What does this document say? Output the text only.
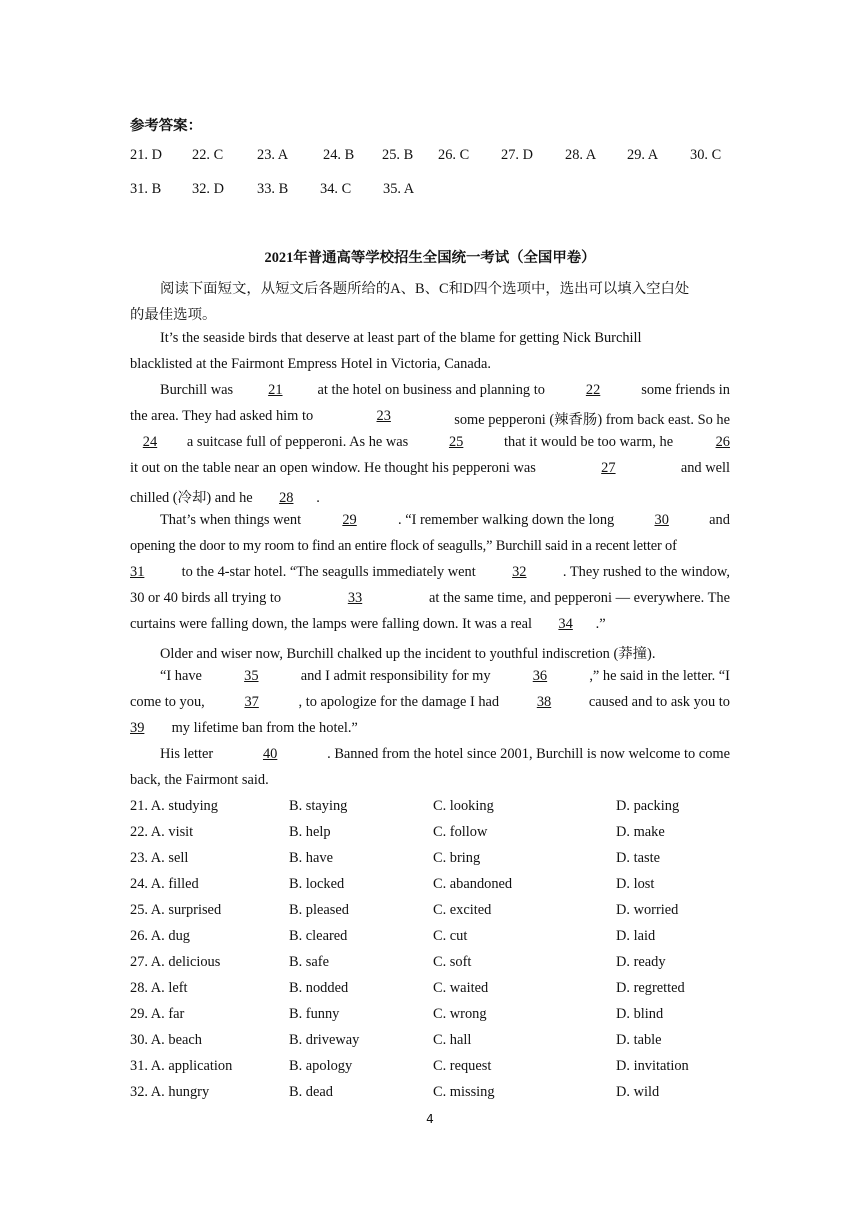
参考答案：
21. D 22. C 23. A 24. B 25. B 26. C 27. D 28. A 29. A 30. C
31. B 32. D 33. B 34. C 35. A
2021年普通高等学校招生全国统一考试（全国甲卷）
阅读下面短文，从短文后各题所给的A、B、C和D四个选项中，选出可以填入空白处
的最佳选项。
It’s the seaside birds that deserve at least part of the blame for getting Nick Burchill
blacklisted at the Fairmont Empress Hotel in Victoria, Canada.
Burchill was	21	at the hotel on business and planning to	22	some friends in
the area. They had asked him to	23	some pepperoni (辣香肠) from back east. So he
24	a suitcase full of pepperoni. As he was	25	that it would be too warm, he	26
it out on the table near an open window. He thought his pepperoni was	27	and well
chilled (冷却) and he 28 .
That’s when things went	29	. “I remember walking down the long	30	and
opening the door to my room to find an entire flock of seagulls,” Burchill said in a recent letter of
31	to the 4-star hotel. “The seagulls immediately went	32	. They rushed to the window,
30 or 40 birds all trying to	33	at the same time, and pepperoni — everywhere. The
curtains were falling down, the lamps were falling down. It was a real 34 .”
Older and wiser now, Burchill chalked up the incident to youthful indiscretion (莽撞).
“I have	35	and I admit responsibility for my	36	,” he said in the letter. “I
come to you,	37	, to apologize for the damage I had	38	caused and to ask you to
39 my lifetime ban from the hotel.”
His letter	40	. Banned from the hotel since 2001, Burchill is now welcome to come
back, the Fairmont said.
21. A. studying	B. staying	C. looking	D. packing
22. A. visit	B. help	C. follow	D. make
23. A. sell	B. have	C. bring	D. taste
24. A. filled	B. locked	C. abandoned	D. lost
25. A. surprised	B. pleased	C. excited	D. worried
26. A. dug	B. cleared	C. cut	D. laid
27. A. delicious	B. safe	C. soft	D. ready
28. A. left	B. nodded	C. waited	D. regretted
29. A. far	B. funny	C. wrong	D. blind
30. A. beach	B. driveway	C. hall	D. table
31. A. application	B. apology	C. request	D. invitation
32. A. hungry	B. dead	C. missing	D. wild
4
